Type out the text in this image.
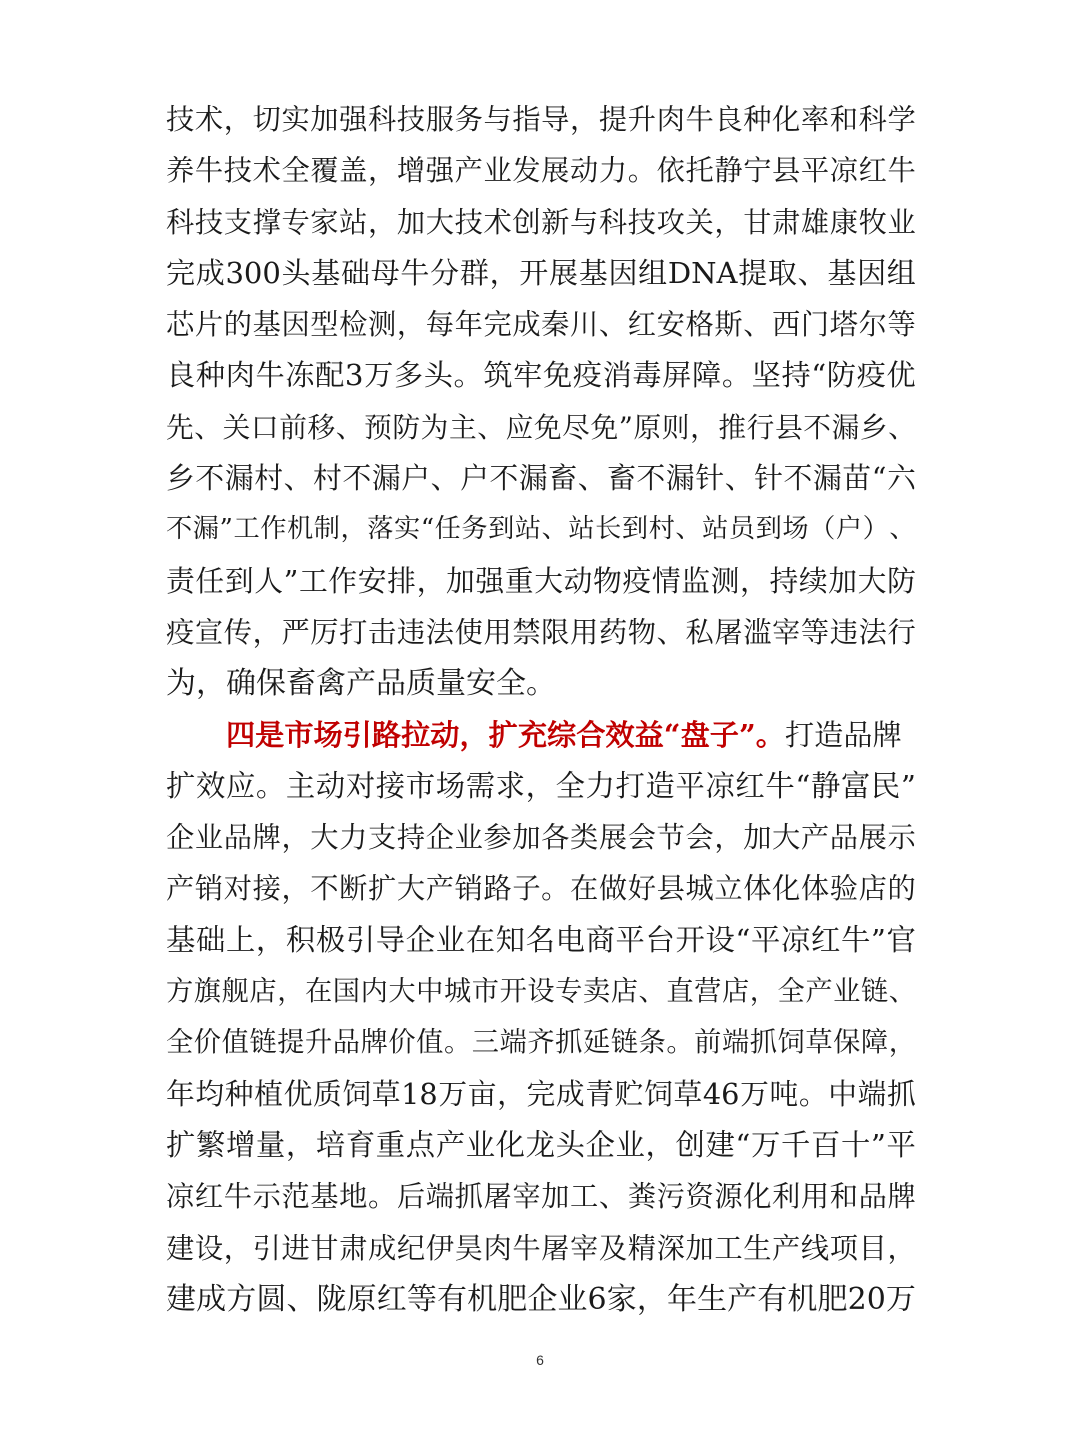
技 术 ， 切 实 加 强 科 技 服 务 与 指 导 ， 提 升 肉 牛 良 种 化 率 和 科 学
养 牛 技 术 全 覆 盖 ， 增 强 产 业 发 展 动 力 。 依 托 静 宁 县 平 凉 红 牛
科 技 支 撑 专 家 站 ， 加 大 技 术 创 新 与 科 技 攻 关 ， 甘 肃 雄 康 牧 业
完 成 300 头 基 础 母 牛 分 群 ， 开 展 基 因 组 DNA 提 取 、 基 因 组
芯 片 的 基 因 型 检 测 ， 每 年 完 成 秦 川 、 红 安 格 斯 、 西 门 塔 尔 等
良 种 肉 牛 冻 配 3 万 多 头 。 筑 牢 免 疫 消 毒 屏 障 。 坚 持 “ 防 疫 优
先 、 关 口 前 移 、 预 防 为 主 、 应 免 尽 免 ” 原 则 ， 推 行 县 不 漏 乡 、
乡 不 漏 村 、 村 不 漏 户 、 户 不 漏 畜 、 畜 不 漏 针 、 针 不 漏 苗 “ 六
不 漏 ” 工 作 机 制 ， 落 实 “ 任 务 到 站 、 站 长 到 村 、 站 员 到 场 （ 户 ） 、
责 任 到 人 ” 工 作 安 排 ， 加 强 重 大 动 物 疫 情 监 测 ， 持 续 加 大 防
疫 宣 传 ， 严 厉 打 击 违 法 使 用 禁 限 用 药 物 、 私 屠 滥 宰 等 违 法 行
为，确保畜禽产品质量安全。
四是市场引路拉动，扩充综合效益“盘子”。打造品牌
扩 效 应 。 主 动 对 接 市 场 需 求 ， 全 力 打 造 平 凉 红 牛 “ 静 富 民 ”
企 业 品 牌 ， 大 力 支 持 企 业 参 加 各 类 展 会 节 会 ， 加 大 产 品 展 示
产 销 对 接 ， 不 断 扩 大 产 销 路 子 。 在 做 好 县 城 立 体 化 体 验 店 的
基 础 上 ， 积 极 引 导 企 业 在 知 名 电 商 平 台 开 设 “ 平 凉 红 牛 ” 官
方 旗 舰 店 ， 在 国 内 大 中 城 市 开 设 专 卖 店 、 直 营 店 ， 全 产 业 链 、
全 价 值 链 提 升 品 牌 价 值 。 三 端 齐 抓 延 链 条 。 前 端 抓 饲 草 保 障 ，
年 均 种 植 优 质 饲 草 18 万 亩 ， 完 成 青 贮 饲 草 46 万 吨 。 中 端 抓
扩 繁 增 量 ， 培 育 重 点 产 业 化 龙 头 企 业 ， 创 建 “ 万 千 百 十 ” 平
凉 红 牛 示 范 基 地 。 后 端 抓 屠 宰 加 工 、 粪 污 资 源 化 利 用 和 品 牌
建 设 ， 引 进 甘 肃 成 纪 伊 昊 肉 牛 屠 宰 及 精 深 加 工 生 产 线 项 目 ，
建 成 方 圆 、 陇 原 红 等 有 机 肥 企 业 6 家 ， 年 生 产 有 机 肥 20 万
6
